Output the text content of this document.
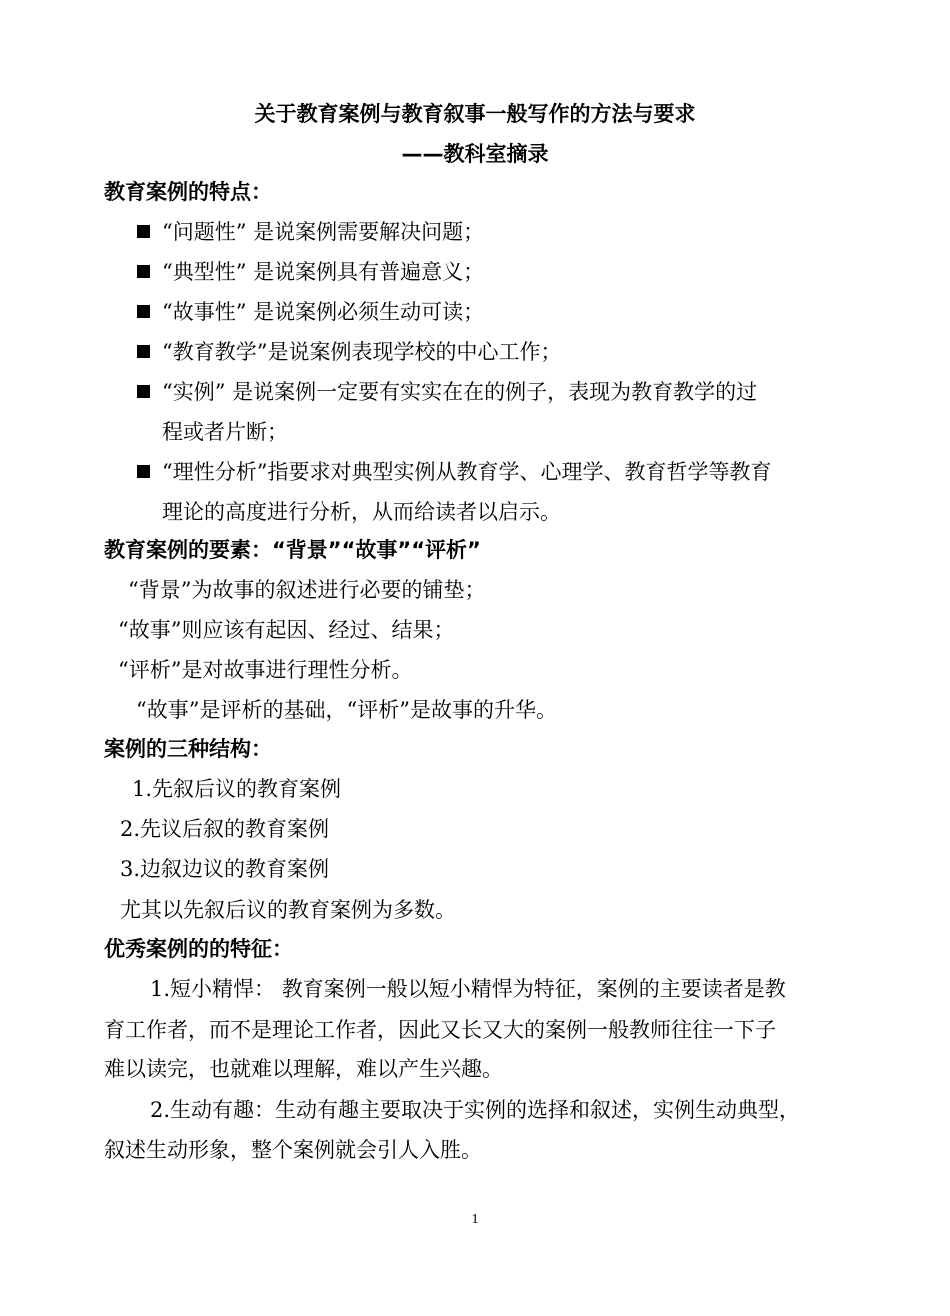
关于教育案例与教育叙事一般写作的方法与要求
——教科室摘录
教育案例的特点：
“问题性” 是说案例需要解决问题；
“典型性” 是说案例具有普遍意义；
“故事性” 是说案例必须生动可读；
“教育教学”是说案例表现学校的中心工作；
“实例” 是说案例一定要有实实在在的例子，表现为教育教学的过
程或者片断；
“理性分析”指要求对典型实例从教育学、心理学、教育哲学等教育
理论的高度进行分析，从而给读者以启示。
教育案例的要素：“背景”“故事”“评析”
“背景”为故事的叙述进行必要的铺垫；
“故事”则应该有起因、经过、结果；
“评析”是对故事进行理性分析。
“故事”是评析的基础，“评析”是故事的升华。
案例的三种结构：
1.先叙后议的教育案例
2.先议后叙的教育案例
3.边叙边议的教育案例
尤其以先叙后议的教育案例为多数。
优秀案例的的特征：
1.短小精悍： 教育案例一般以短小精悍为特征，案例的主要读者是教
育工作者，而不是理论工作者，因此又长又大的案例一般教师往往一下子
难以读完，也就难以理解，难以产生兴趣。
2.生动有趣：生动有趣主要取决于实例的选择和叙述，实例生动典型，
叙述生动形象，整个案例就会引人入胜。
1
